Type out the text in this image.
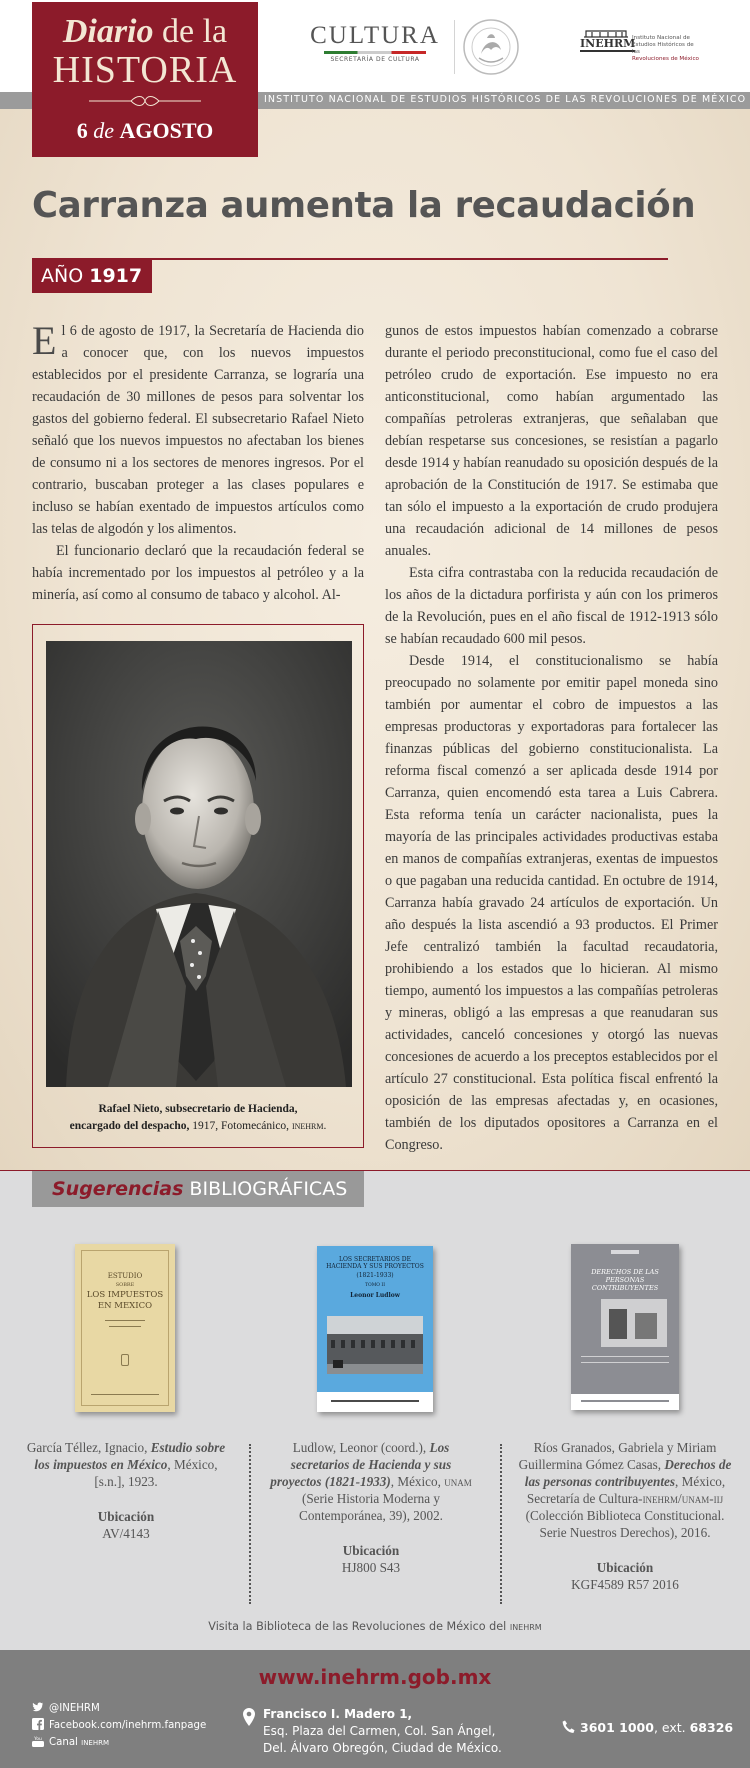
INSTITUTO NACIONAL DE ESTUDIOS HISTÓRICOS DE LAS REVOLUCIONES DE MÉXICO
Diario de la
HISTORIA
6 de AGOSTO
CULTURA
SECRETARÍA DE CULTURA
INEHRM
Instituto Nacional de
Estudios Históricos de las
Revoluciones de México
Carranza aumenta la recaudación
AÑO 1917

El 6 de agosto de 1917, la Secretaría de Hacienda dio a conocer que, con los nuevos impuestos establecidos por el presidente Carranza, se lograría una recaudación de 30 millones de pesos para solventar los gastos del gobierno federal. El subsecretario Rafael Nieto señaló que los nuevos impuestos no afectaban los bienes de consumo ni a los sectores de menores ingresos. Por el contrario, buscaban proteger a las clases populares e incluso se habían exentado de impuestos artículos como las telas de algodón y los alimentos.

El funcionario declaró que la recaudación federal se había incrementado por los impuestos al petróleo y a la minería, así como al consumo de tabaco y alcohol. Al-

Rafael Nieto, subsecretario de Hacienda,
encargado del despacho, 1917, Fotomecánico, inehrm.

gunos de estos impuestos habían comenzado a cobrarse durante el periodo preconstitucional, como fue el caso del petróleo crudo de exportación. Ese impuesto no era anticonstitucional, como habían argumentado las compañías petroleras extranjeras, que señalaban que debían respetarse sus concesiones, se resistían a pagarlo desde 1914 y habían reanudado su oposición después de la aprobación de la Constitución de 1917. Se estimaba que tan sólo el impuesto a la exportación de crudo produjera una recaudación adicional de 14 millones de pesos anuales.

Esta cifra contrastaba con la reducida recaudación de los años de la dictadura porfirista y aún con los primeros de la Revolución, pues en el año fiscal de 1912-1913 sólo se habían recaudado 600 mil pesos.

Desde 1914, el constitucionalismo se había preocupado no solamente por emitir papel moneda sino también por aumentar el cobro de impuestos a las empresas productoras y exportadoras para fortalecer las finanzas públicas del gobierno constitucionalista. La reforma fiscal comenzó a ser aplicada desde 1914 por Carranza, quien encomendó esta tarea a Luis Cabrera. Esta reforma tenía un carácter nacionalista, pues la mayoría de las principales actividades productivas estaba en manos de compañías extranjeras, exentas de impuestos o que pagaban una reducida cantidad. En octubre de 1914, Carranza había gravado 24 artículos de exportación. Un año después la lista ascendió a 93 productos. El Primer Jefe centralizó también la facultad recaudatoria, prohibiendo a los estados que lo hicieran. Al mismo tiempo, aumentó los impuestos a las compañías petroleras y mineras, obligó a las empresas a que reanudaran sus actividades, canceló concesiones y otorgó las nuevas concesiones de acuerdo a los preceptos establecidos por el artículo 27 constitucional. Esta política fiscal enfrentó la oposición de las empresas afectadas y, en ocasiones, también de los diputados opositores a Carranza en el Congreso.

Sugerencias BIBLIOGRÁFICAS
ESTUDIO
SOBRE
LOS IMPUESTOS EN MEXICO
LOS SECRETARIOS DE HACIENDA Y SUS PROYECTOS
(1821-1933)
TOMO II
Leonor Ludlow
DERECHOS DE LAS PERSONAS CONTRIBUYENTES
García Téllez, Ignacio, Estudio sobre los impuestos en México, México, [s.n.], 1923.
Ubicación
AV/4143
Ludlow, Leonor (coord.), Los secretarios de Hacienda y sus proyectos (1821-1933), México, unam (Serie Historia Moderna y Contemporánea, 39), 2002.
Ubicación
HJ800 S43
Ríos Granados, Gabriela y Miriam Guillermina Gómez Casas, Derechos de las personas contribuyentes, México, Secretaría de Cultura-inehrm/unam-iij (Colección Biblioteca Constitucional. Serie Nuestros Derechos), 2016.
Ubicación
KGF4589 R57 2016
Visita la Biblioteca de las Revoluciones de México del inehrm
www.inehrm.gob.mx
@INEHRM
Facebook.com/inehrm.fanpage
You Canal inehrm
Francisco I. Madero 1,
Esq. Plaza del Carmen, Col. San Ángel,
Del. Álvaro Obregón, Ciudad de México.
3601 1000, ext. 68326
